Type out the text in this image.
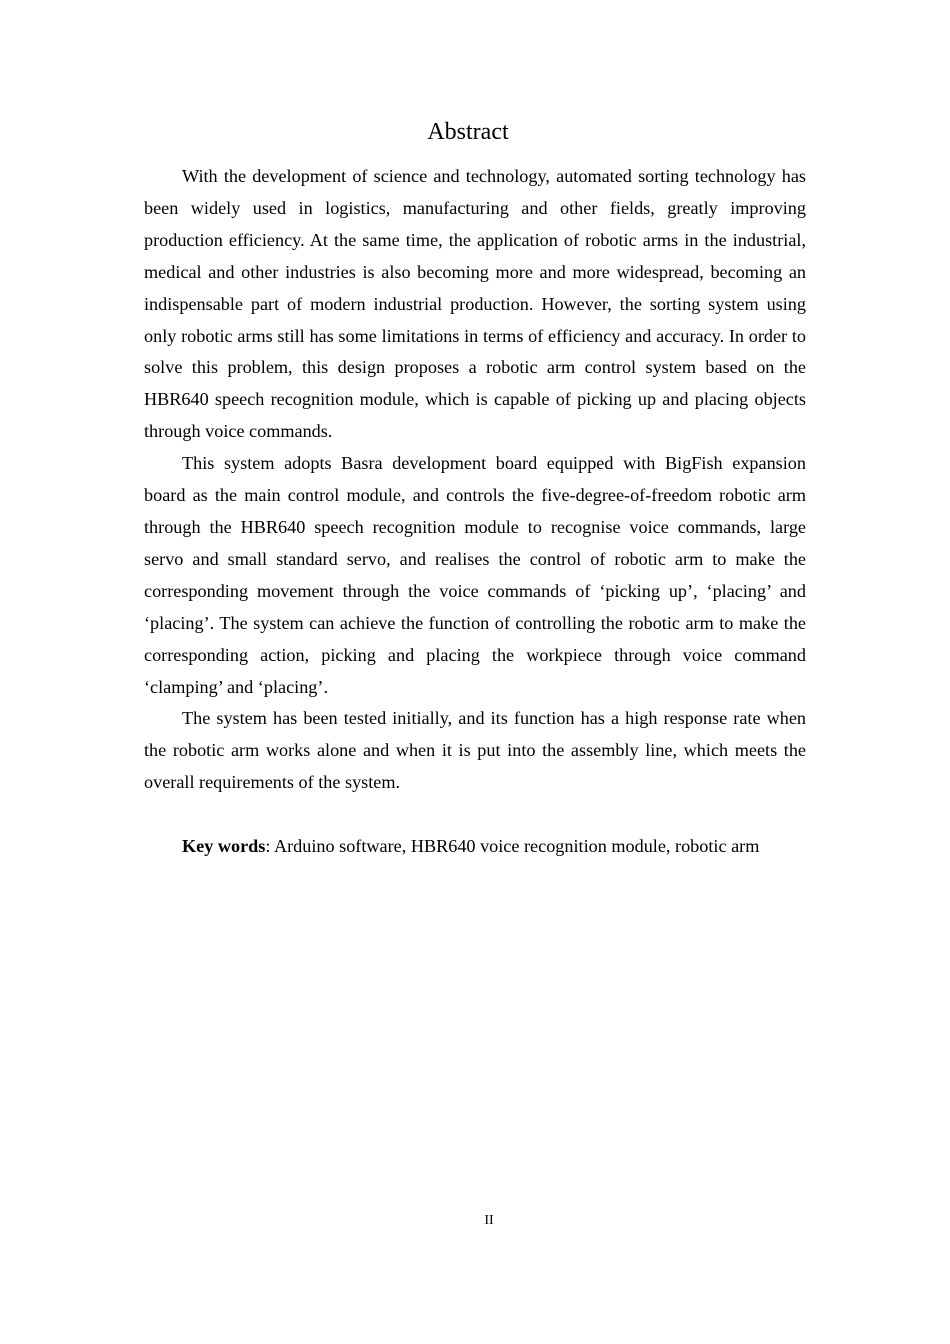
Abstract

With the development of science and technology, automated sorting technology has been widely used in logistics, manufacturing and other fields, greatly improving production efficiency. At the same time, the application of robotic arms in the industrial, medical and other industries is also becoming more and more widespread, becoming an indispensable part of modern industrial production. However, the sorting system using only robotic arms still has some limitations in terms of efficiency and accuracy. In order to solve this problem, this design proposes a robotic arm control system based on the HBR640 speech recognition module, which is capable of picking up and placing objects through voice commands.

This system adopts Basra development board equipped with BigFish expansion board as the main control module, and controls the five-degree-of-freedom robotic arm through the HBR640 speech recognition module to recognise voice commands, large servo and small standard servo, and realises the control of robotic arm to make the corresponding movement through the voice commands of ‘picking up’, ‘placing’ and ‘placing’. The system can achieve the function of controlling the robotic arm to make the corresponding action, picking and placing the workpiece through voice command ‘clamping’ and ‘placing’.

The system has been tested initially, and its function has a high response rate when the robotic arm works alone and when it is put into the assembly line, which meets the overall requirements of the system.

Key words: Arduino software, HBR640 voice recognition module, robotic arm

II
